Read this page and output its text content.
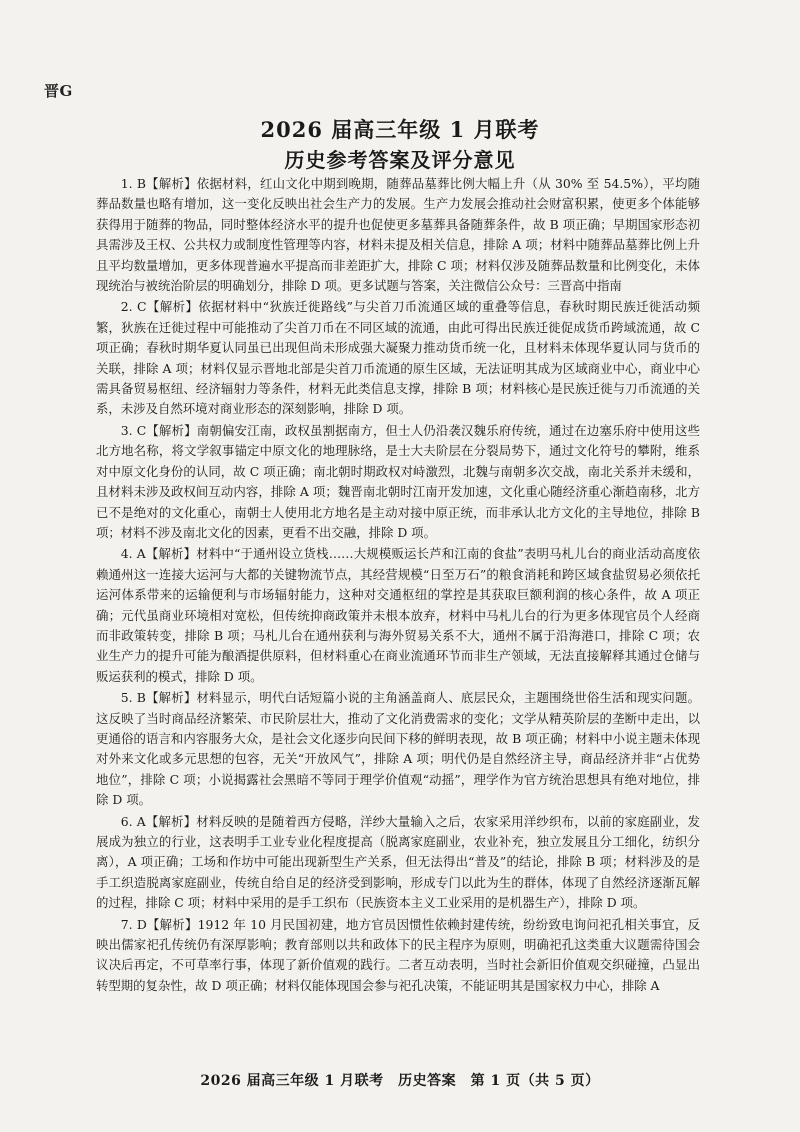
晋G
2026 届高三年级 1 月联考
历史参考答案及评分意见

1. B【解析】依据材料，红山文化中期到晚期，随葬品墓葬比例大幅上升（从 30% 至 54.5%），平均随葬品数量也略有增加，这一变化反映出社会生产力的发展。生产力发展会推动社会财富积累，使更多个体能够获得用于随葬的物品，同时整体经济水平的提升也促使更多墓葬具备随葬条件，故 B 项正确；早期国家形态初具需涉及王权、公共权力或制度性管理等内容，材料未提及相关信息，排除 A 项；材料中随葬品墓葬比例上升且平均数量增加，更多体现普遍水平提高而非差距扩大，排除 C 项；材料仅涉及随葬品数量和比例变化，未体现统治与被统治阶层的明确划分，排除 D 项。更多试题与答案，关注微信公众号：三晋高中指南

2. C【解析】依据材料中“狄族迁徙路线”与尖首刀币流通区域的重叠等信息，春秋时期民族迁徙活动频繁，狄族在迁徙过程中可能推动了尖首刀币在不同区域的流通，由此可得出民族迁徙促成货币跨域流通，故 C 项正确；春秋时期华夏认同虽已出现但尚未形成强大凝聚力推动货币统一化，且材料未体现华夏认同与货币的关联，排除 A 项；材料仅显示晋地北部是尖首刀币流通的原生区域，无法证明其成为区域商业中心，商业中心需具备贸易枢纽、经济辐射力等条件，材料无此类信息支撑，排除 B 项；材料核心是民族迁徙与刀币流通的关系，未涉及自然环境对商业形态的深刻影响，排除 D 项。

3. C【解析】南朝偏安江南，政权虽割据南方，但士人仍沿袭汉魏乐府传统，通过在边塞乐府中使用这些北方地名称，将文学叙事锚定中原文化的地理脉络，是士大夫阶层在分裂局势下，通过文化符号的攀附，维系对中原文化身份的认同，故 C 项正确；南北朝时期政权对峙激烈，北魏与南朝多次交战，南北关系并未缓和，且材料未涉及政权间互动内容，排除 A 项；魏晋南北朝时江南开发加速，文化重心随经济重心渐趋南移，北方已不是绝对的文化重心，南朝士人使用北方地名是主动对接中原正统，而非承认北方文化的主导地位，排除 B 项；材料不涉及南北文化的因素，更看不出交融，排除 D 项。

4. A【解析】材料中“于通州设立货栈……大规模贩运长芦和江南的食盐”表明马札儿台的商业活动高度依赖通州这一连接大运河与大都的关键物流节点，其经营规模“日至万石”的粮食消耗和跨区域食盐贸易必须依托运河体系带来的运输便利与市场辐射能力，这种对交通枢纽的掌控是其获取巨额利润的核心条件，故 A 项正确；元代虽商业环境相对宽松，但传统抑商政策并未根本放弃，材料中马札儿台的行为更多体现官员个人经商而非政策转变，排除 B 项；马札儿台在通州获利与海外贸易关系不大，通州不属于沿海港口，排除 C 项；农业生产力的提升可能为酿酒提供原料，但材料重心在商业流通环节而非生产领域，无法直接解释其通过仓储与贩运获利的模式，排除 D 项。

5. B【解析】材料显示，明代白话短篇小说的主角涵盖商人、底层民众，主题围绕世俗生活和现实问题。这反映了当时商品经济繁荣、市民阶层壮大，推动了文化消费需求的变化；文学从精英阶层的垄断中走出，以更通俗的语言和内容服务大众，是社会文化逐步向民间下移的鲜明表现，故 B 项正确；材料中小说主题未体现对外来文化或多元思想的包容，无关“开放风气”，排除 A 项；明代仍是自然经济主导，商品经济并非“占优势地位”，排除 C 项；小说揭露社会黑暗不等同于理学价值观“动摇”，理学作为官方统治思想具有绝对地位，排除 D 项。

6. A【解析】材料反映的是随着西方侵略，洋纱大量输入之后，农家采用洋纱织布，以前的家庭副业，发展成为独立的行业，这表明手工业专业化程度提高（脱离家庭副业，农业补充，独立发展且分工细化，纺织分离），A 项正确；工场和作坊中可能出现新型生产关系，但无法得出“普及”的结论，排除 B 项；材料涉及的是手工织造脱离家庭副业，传统自给自足的经济受到影响，形成专门以此为生的群体，体现了自然经济逐渐瓦解的过程，排除 C 项；材料中采用的是手工织布（民族资本主义工业采用的是机器生产），排除 D 项。

7. D【解析】1912 年 10 月民国初建，地方官员因惯性依赖封建传统，纷纷致电询问祀孔相关事宜，反映出儒家祀孔传统仍有深厚影响；教育部则以共和政体下的民主程序为原则，明确祀孔这类重大议题需待国会议决后再定，不可草率行事，体现了新价值观的践行。二者互动表明，当时社会新旧价值观交织碰撞，凸显出转型期的复杂性，故 D 项正确；材料仅能体现国会参与祀孔决策，不能证明其是国家权力中心，排除 A

2026 届高三年级 1 月联考　历史答案　第 1 页（共 5 页）
